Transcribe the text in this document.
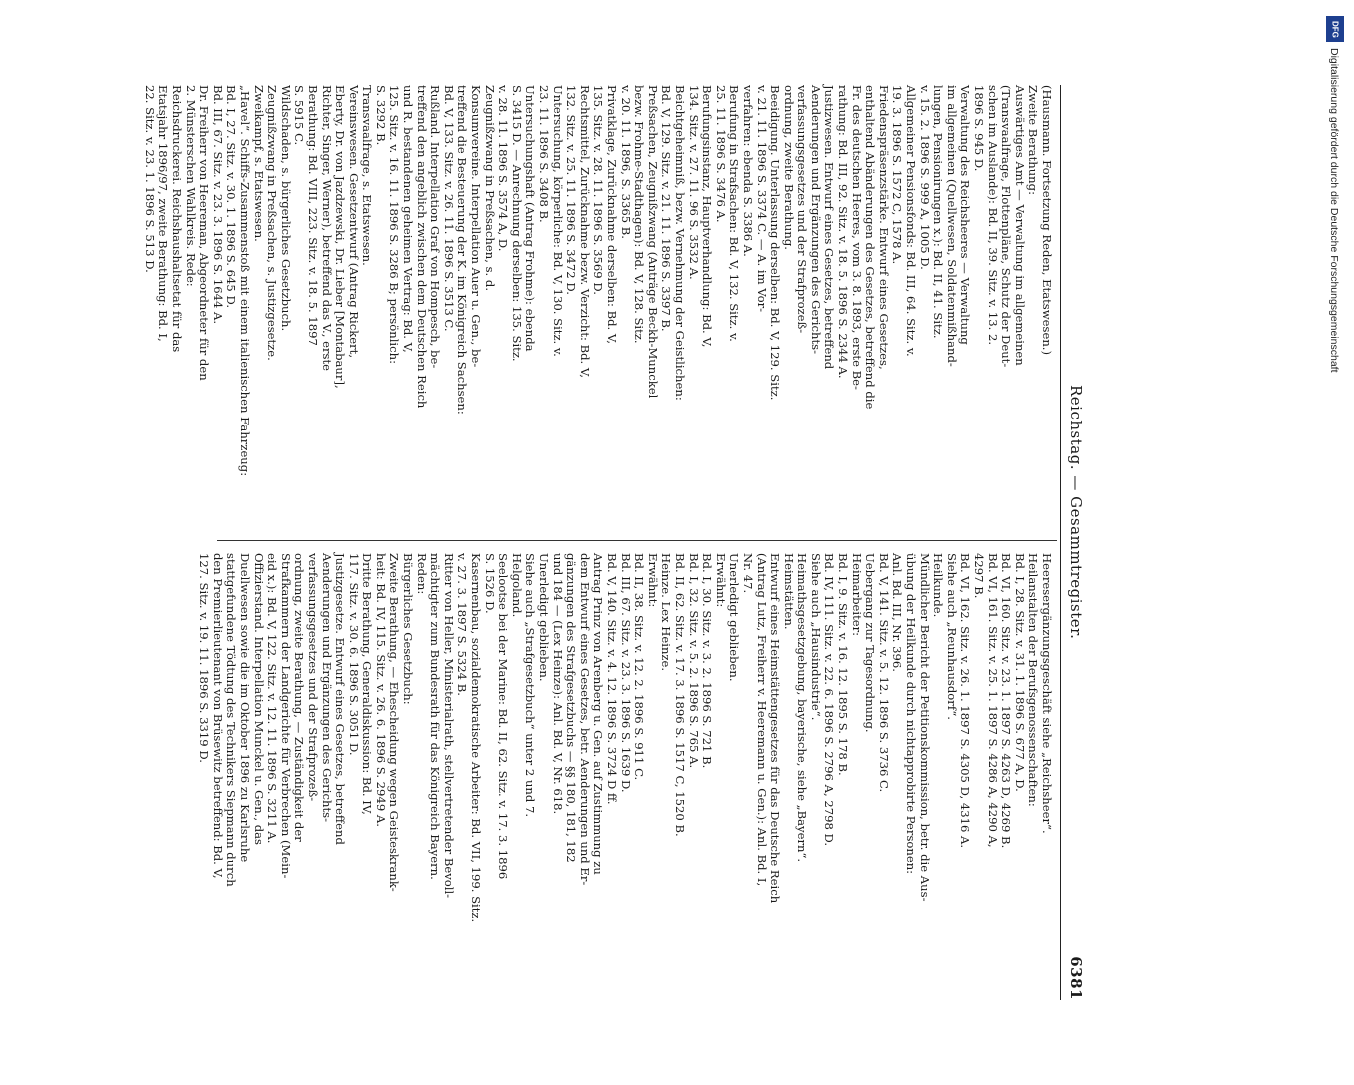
Reichstag. — Gesammtregister.
6381
(Hausmann. Fortsetzung Reden, Etatswesen.)
Zweite Berathung:
Auswärtiges Amt — Verwaltung im allgemeinen
(Transvaalfrage, Flottenpläne, Schutz der Deut-
schen im Auslande): Bd. II, 39. Sitz. v. 13. 2.
1896 S. 945 D.
Verwaltung des Reichsheeres — Verwaltung
im allgemeinen (Quellwesen, Soldatenmißhand-
lungen, Pensionirungen x.): Bd. II, 41. Sitz.
v. 15. 2. 1896 S. 999 A, 1005 D.
Allgemeiner Pensionsfonds: Bd. III, 64. Sitz. v.
19. 3. 1896 S. 1572 C, 1578 A.
Friedenspräsenzstärke. Entwurf eines Gesetzes,
enthaltend Abänderungen des Gesetzes, betreffend die
Fr. des deutschen Heeres, vom 3. 8. 1893, erste Be-
rathung: Bd. III, 92. Sitz. v. 18. 5. 1896 S. 2344 A.
Justizwesen. Entwurf eines Gesetzes, betreffend
Aenderungen und Ergänzungen des Gerichts-
verfassungsgesetzes und der Strafprozeß-
ordnung, zweite Berathung.
Beeidigung. Unterlassung derselben: Bd. V, 129. Sitz.
v. 21. 11. 1896 S. 3374 C. — A. im Vor-
verfahren: ebenda S. 3386 A.
Berufung in Strafsachen: Bd. V, 132. Sitz. v.
25. 11. 1896 S. 3476 A.
Berufungsinstanz, Hauptverhandlung: Bd. V,
134. Sitz. v. 27. 11. 96 S. 3532 A.
Beichtgeheimniß, bezw. Vernehmung der Geistlichen:
Bd. V, 129. Sitz. v. 21. 11. 1896 S. 3397 B.
Preßsachen, Zeugnißzwang (Anträge Beckh-Munckel
bezw. Frohme-Stadthagen): Bd. V, 128. Sitz.
v. 20. 11. 1896, S. 3365 B.
Privatklage, Zurücknahme derselben: Bd. V,
135. Sitz. v. 28. 11. 1896 S. 3569 D.
Rechtsmittel, Zurücknahme bezw. Verzicht: Bd. V,
132. Sitz. v. 25. 11. 1896 S. 3472 D.
Untersuchung, körperliche: Bd. V, 130. Sitz. v.
23. 11. 1896 S. 3408 B.
Untersuchungshaft (Antrag Frohme): ebenda
S. 3415 D. — Anrechnung derselben: 135. Sitz.
v. 28. 11. 1896 S. 3574 A, D.
Zeugnißzwang in Preßsachen, s. d.
Konsumvereine. Interpellation Auer u. Gen., be-
treffend die Besteuerung der K. im Königreich Sachsen:
Bd. V, 133. Sitz. v. 26. 11. 1896 S. 3513 C.
Rußland. Interpellation Graf von Hompesch, be-
treffend den angeblich zwischen dem Deutschen Reich
und R. bestandenen geheimen Vertrag: Bd. V,
125. Sitz. v. 16. 11. 1896 S. 3286 B; persönlich:
S. 3292 B.
Transvaalfrage, s. Etatswesen.
Vereinswesen. Gesetzentwurf (Antrag Rickert,
Eberty, Dr. von Jazdzewski, Dr. Lieber [Montabaur],
Richter, Singer, Werner), betreffend das V., erste
Berathung: Bd. VIII, 223. Sitz. v. 18. 5. 1897
S. 5915 C.
Wildschaden, s. bürgerliches Gesetzbuch.
Zeugnißzwang in Preßsachen, s. Justizgesetze.
Zweikampf, s. Etatswesen.
„Havel“. Schiffs-Zusammenstoß mit einem italienischen Fahrzeug:
Bd. I, 27. Sitz. v. 30. 1. 1896 S. 645 D.
Bd. III, 67. Sitz. v. 23. 3. 1896 S. 1644 A.
Dr. Freiherr von Heereman, Abgeordneter für den
2. Münsterschen Wahlkreis. Rede:
Reichsdruckerei. Reichshaushaltsetat für das
Etatsjahr 1896/97, zweite Berathung: Bd. I,
22. Sitz. v. 23. 1. 1896 S. 513 D.
Heeresergänzungsgeschäft siehe „Reichsheer“.
Heilanstalten der Berufsgenossenschaften:
Bd. I, 28. Sitz. v. 31. 1. 1896 S. 677 A, D.
Bd. VI, 160. Sitz. v. 23. 1. 1897 S. 4263 D, 4269 B.
Bd. VI, 161. Sitz. v. 25. 1. 1897 S. 4286 A, 4290 A,
4297 B.
Bd. VI, 162. Sitz. v. 26. 1. 1897 S. 4305 D, 4316 A.
Siehe auch „Reunhausdorf“.
Heilkunde.
Mündlicher Bericht der Petitionskommission, betr. die Aus-
übung der Heilkunde durch nichtapprobirte Personen:
Anl. Bd. III, Nr. 396.
Bd. V, 141. Sitz. v. 5. 12. 1896 S. 3736 C.
Uebergang zur Tagesordnung.
Heimarbeiter:
Bd. I, 9. Sitz. v. 16. 12. 1895 S. 178 B.
Bd. IV, 111. Sitz. v. 22. 6. 1896 S. 2796 A, 2798 D.
Siehe auch „Hausindustrie“.
Heimathsgesetzgebung, bayerische, siehe „Bayern“.
Heimstätten.
Entwurf eines Heimstättengesetzes für das Deutsche Reich
(Antrag Lutz, Freiherr v. Heeremann u. Gen.): Anl. Bd. I,
Nr. 47.
Unerledigt geblieben.
Erwähnt:
Bd. I, 30. Sitz. v. 3. 2. 1896 S. 721 B.
Bd. I, 32. Sitz. v. 5. 2. 1896 S. 765 A.
Bd. II, 62. Sitz. v. 17. 3. 1896 S. 1517 C, 1520 B.
Heinze. Lex Heinze.
Erwähnt:
Bd. II, 38. Sitz. v. 12. 2. 1896 S. 911 C.
Bd. III, 67. Sitz. v. 23. 3. 1896 S. 1639 D.
Bd. V, 140. Sitz. v. 4. 12. 1896 S. 3724 D ff.
Antrag Prinz von Arenberg u. Gen. auf Zustimmung zu
dem Entwurf eines Gesetzes, betr. Aenderungen und Er-
gänzungen des Strafgesetzbuchs — §§ 180, 181, 182
und 184 — (Lex Heinze): Anl. Bd. V, Nr. 618.
Unerledigt geblieben.
Siehe auch „Strafgesetzbuch“ unter 2 und 7.
Helgoland.
Seelootse bei der Marine: Bd. II, 62. Sitz. v. 17. 3. 1896
S. 1526 D.
Kasernenbau, sozialdemokratische Arbeiter: Bd. VII, 199. Sitz.
v. 27. 3. 1897 S. 5324 B.
Ritter von Heller, Ministerialrath, stellvertretender Bevoll-
mächtigter zum Bundesrath für das Königreich Bayern.
Reden:
Bürgerliches Gesetzbuch:
Zweite Berathung, — Ehescheidung wegen Geisteskrank-
heit: Bd. IV, 115. Sitz. v. 26. 6. 1896 S. 2949 A.
Dritte Berathung, Generaldiskussion: Bd. IV,
117. Sitz. v. 30. 6. 1896 S. 3051 D.
Justizgesetze. Entwurf eines Gesetzes, betreffend
Aenderungen und Ergänzungen des Gerichts-
verfassungsgesetzes und der Strafprozeß-
ordnung, zweite Berathung, — Zuständigkeit der
Strafkammern der Landgerichte für Verbrechen (Mein-
eid x.): Bd. V, 122. Sitz. v. 12. 11. 1896 S. 3211 A.
Offizierstand. Interpellation Munckel u. Gen., das
Duellwesen sowie die im Oktober 1896 zu Karlsruhe
stattgefundene Tödtung des Technikers Siepmann durch
den Premierlieutenant von Brüsewitz betreffend: Bd. V,
127. Sitz. v. 19. 11. 1896 S. 3319 D.
DFG
Digitalisierung gefördert durch die Deutsche Forschungsgemeinschaft
